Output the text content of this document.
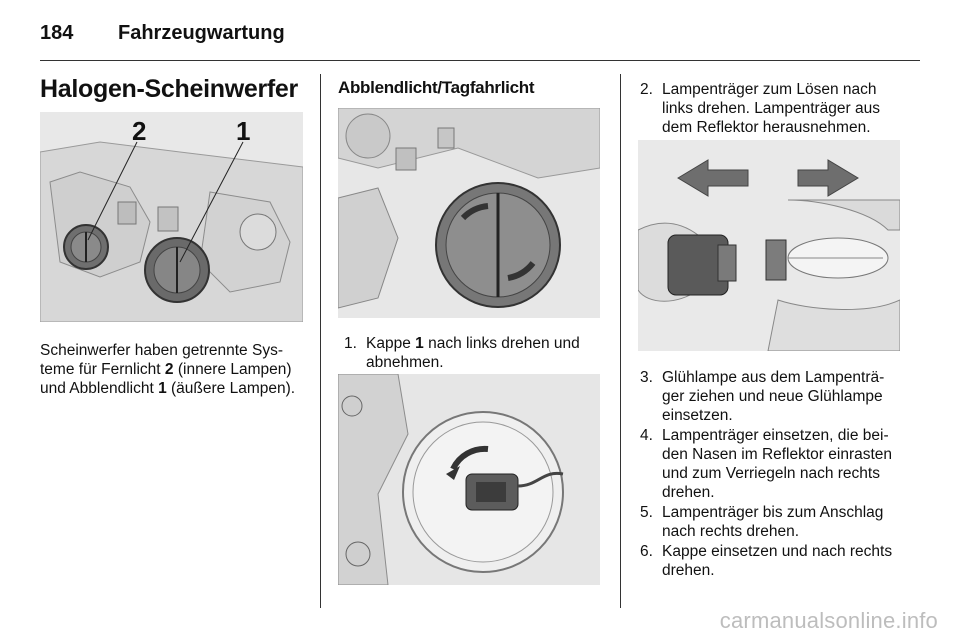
184 Fahrzeugwartung
Halogen-Scheinwerfer
2	1
Scheinwerfer haben getrennte Sys-
teme für Fernlicht 2 (innere Lampen)
und Abblendlicht 1 (äußere Lampen).
Abblendlicht/Tagfahrlicht
1. Kappe 1 nach links drehen und abnehmen.
2. Lampenträger zum Lösen nach links drehen. Lampenträger aus dem Reflektor herausnehmen.
3. Glühlampe aus dem Lampenträ-
ger ziehen und neue Glühlampe einsetzen.
4. Lampenträger einsetzen, die bei-
den Nasen im Reflektor einrasten und zum Verriegeln nach rechts drehen.
5. Lampenträger bis zum Anschlag nach rechts drehen.
6. Kappe einsetzen und nach rechts drehen.
carmanualsonline.info
